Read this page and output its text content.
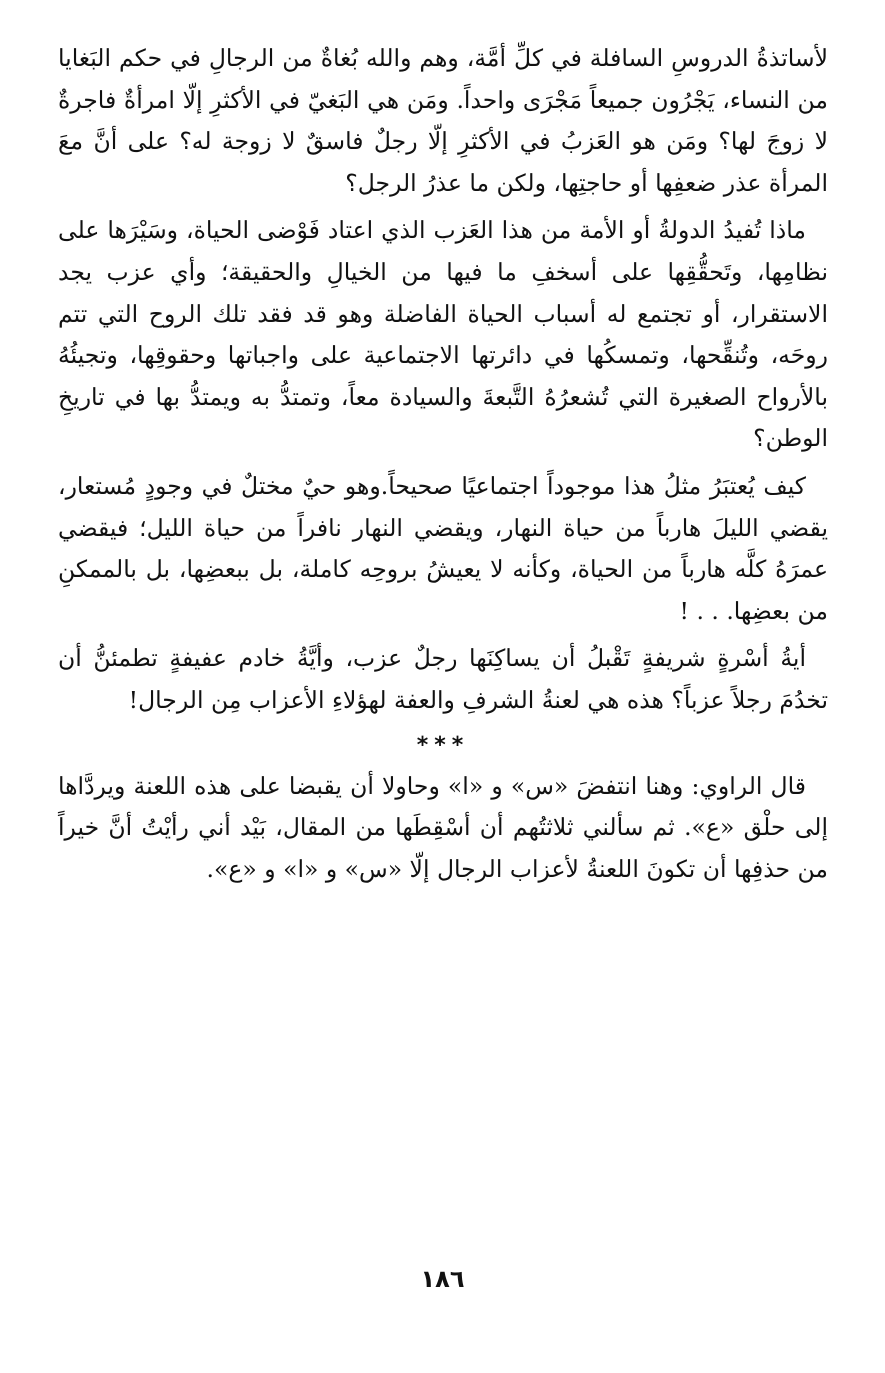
لأساتذةُ الدروسِ السافلة في كلِّ أمَّة، وهم والله بُغاةٌ من الرجالِ في حكم البَغايا من النساء، يَجْرُون جميعاً مَجْرَى واحداً. ومَن هي البَغيّ في الأكثرِ إلّا امرأةٌ فاجرةٌ لا زوجَ لها؟ ومَن هو العَزبُ في الأكثرِ إلّا رجلٌ فاسقٌ لا زوجة له؟ على أنَّ معَ المرأة عذر ضعفِها أو حاجتِها، ولكن ما عذرُ الرجل؟

ماذا تُفيدُ الدولةُ أو الأمة من هذا العَزب الذي اعتاد فَوْضى الحياة، وسَيْرَها على نظامِها، وتَحقُّقِها على أسخفِ ما فيها من الخيالِ والحقيقة؛ وأي عزب يجد الاستقرار، أو تجتمع له أسباب الحياة الفاضلة وهو قد فقد تلك الروح التي تتم روحَه، وتُنقِّحها، وتمسكُها في دائرتها الاجتماعية على واجباتها وحقوقِها، وتجيئُهُ بالأرواح الصغيرة التي تُشعرُهُ التَّبعةَ والسيادة معاً، وتمتدُّ به ويمتدُّ بها في تاريخِ الوطن؟

كيف يُعتبَرُ مثلُ هذا موجوداً اجتماعيًا صحيحاً.وهو حيٌ مختلٌ في وجودٍ مُستعار، يقضي الليلَ هارباً من حياة النهار، ويقضي النهار نافراً من حياة الليل؛ فيقضي عمرَهُ كلَّه هارباً من الحياة، وكأنه لا يعيشُ بروحِه كاملة، بل ببعضِها، بل بالممكنِ من بعضِها. . . !

أيةُ أسْرةٍ شريفةٍ تَقْبلُ أن يساكِنَها رجلٌ عزب، وأيَّةُ خادم عفيفةٍ تطمئنُّ أن تخدُمَ رجلاً عزباً؟ هذه هي لعنةُ الشرفِ والعفة لهؤلاءِ الأعزاب مِن الرجال!

***

قال الراوي: وهنا انتفضَ «س» و «ا» وحاولا أن يقبضا على هذه اللعنة ويردَّاها إلى حلْق «ع». ثم سألني ثلاثتُهم أن أسْقِطَها من المقال، بَيْد أني رأيْتُ أنَّ خيراً من حذفِها أن تكونَ اللعنةُ لأعزاب الرجال إلّا «س» و «ا» و «ع».

١٨٦
